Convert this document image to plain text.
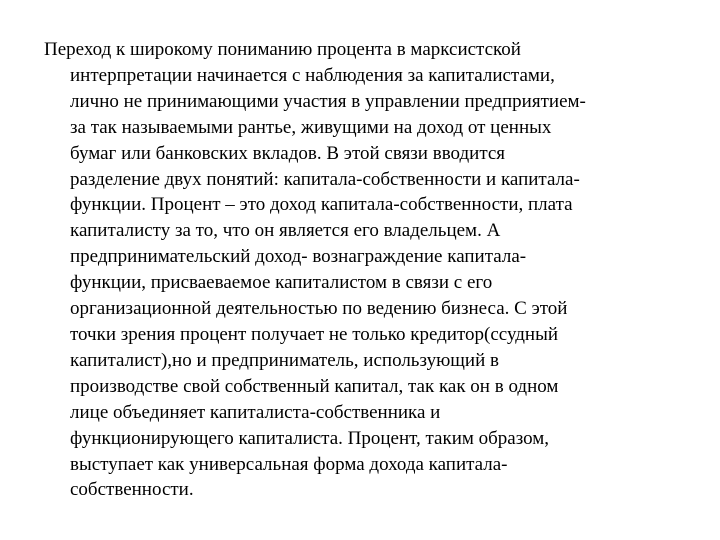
Переход к широкому пониманию процента в марксистской
интерпретации начинается с наблюдения за капиталистами,
лично не принимающими участия в управлении предприятием-
за так называемыми рантье, живущими на доход от ценных
бумаг или банковских вкладов. В этой связи вводится
разделение двух понятий: капитала-собственности и капитала-
функции. Процент – это доход капитала-собственности, плата
капиталисту за то, что он является его владельцем. А
предпринимательский доход- вознаграждение капитала-
функции, присваеваемое капиталистом в связи с его
организационной деятельностью по ведению бизнеса. С этой
точки зрения процент получает не только кредитор(ссудный
капиталист),но и предприниматель, использующий в
производстве свой собственный капитал, так как он в одном
лице объединяет капиталиста-собственника и
функционирующего капиталиста. Процент, таким образом,
выступает как универсальная форма дохода капитала-
собственности.
